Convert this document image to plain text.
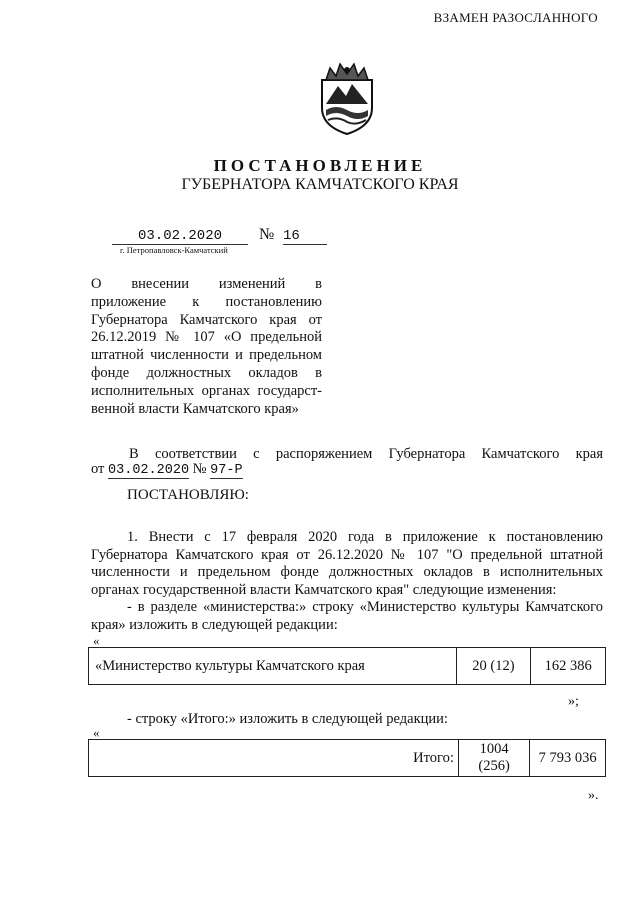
ВЗАМЕН РАЗОСЛАННОГО
ПОСТАНОВЛЕНИЕ
ГУБЕРНАТОРА КАМЧАТСКОГО КРАЯ
03.02.2020	№ 16
г. Петропавловск-Камчатский
О внесении изменений в приложение к постановлению Губернатора Камчатского края от 26.12.2019 № 107 «О предельной штатной численности и предельном фонде должностных окладов в исполнительных органах государст-венной власти Камчатского края»
В соответствии с распоряжением Губернатора Камчатского края
от 03.02.2020 № 97-Р
ПОСТАНОВЛЯЮ:

1. Внести с 17 февраля 2020 года в приложение к постановлению Губернатора Камчатского края от 26.12.2020 № 107 "О предельной штатной численности и предельном фонде должностных окладов в исполнительных органах государственной власти Камчатского края" следующие изменения:

- в разделе «министерства:» строку «Министерство культуры Камчатского края» изложить в следующей редакции:

«
«Министерство культуры Камчатского края	20 (12)	162 386
»;
- строку «Итого:» изложить в следующей редакции:
«
Итого:	1004 (256)	7 793 036
».
